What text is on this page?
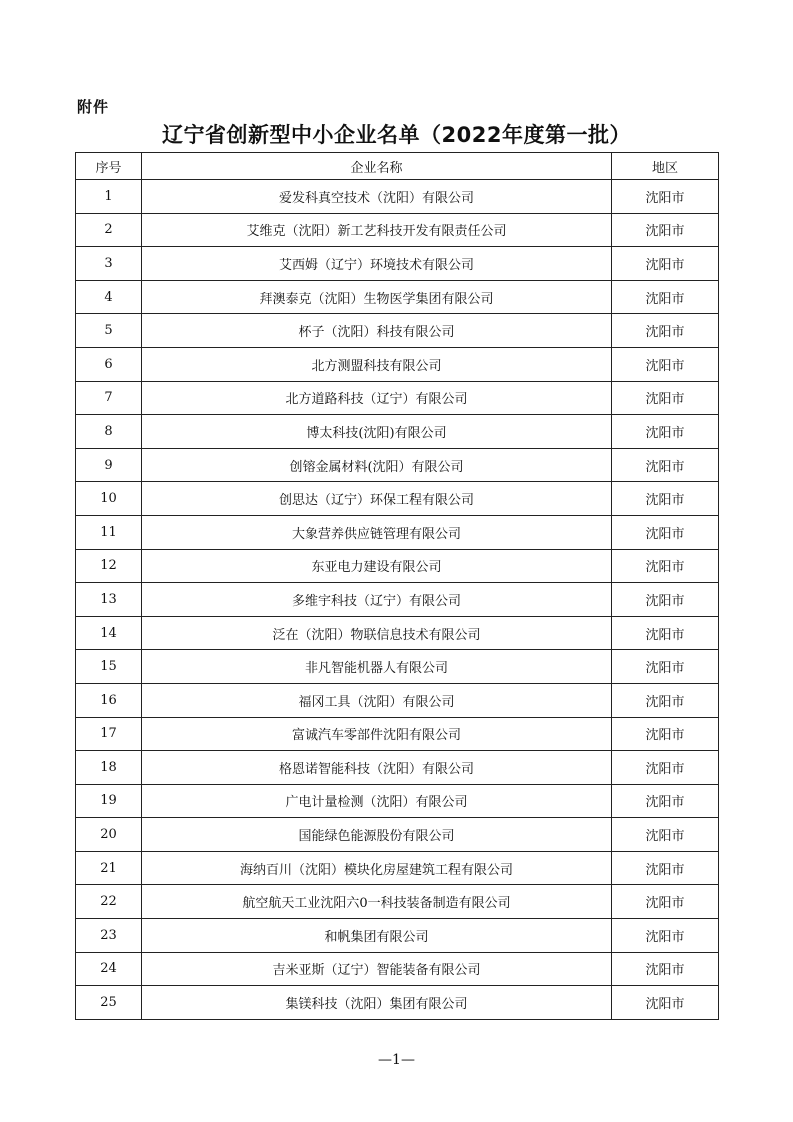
附件
辽宁省创新型中小企业名单（2022年度第一批）
序号	企业名称	地区
1	爱发科真空技术（沈阳）有限公司	沈阳市
2	艾维克（沈阳）新工艺科技开发有限责任公司	沈阳市
3	艾西姆（辽宁）环境技术有限公司	沈阳市
4	拜澳泰克（沈阳）生物医学集团有限公司	沈阳市
5	杯子（沈阳）科技有限公司	沈阳市
6	北方测盟科技有限公司	沈阳市
7	北方道路科技（辽宁）有限公司	沈阳市
8	博太科技(沈阳)有限公司	沈阳市
9	创镕金属材料(沈阳）有限公司	沈阳市
10	创思达（辽宁）环保工程有限公司	沈阳市
11	大象营养供应链管理有限公司	沈阳市
12	东亚电力建设有限公司	沈阳市
13	多维宇科技（辽宁）有限公司	沈阳市
14	泛在（沈阳）物联信息技术有限公司	沈阳市
15	非凡智能机器人有限公司	沈阳市
16	福冈工具（沈阳）有限公司	沈阳市
17	富诚汽车零部件沈阳有限公司	沈阳市
18	格恩诺智能科技（沈阳）有限公司	沈阳市
19	广电计量检测（沈阳）有限公司	沈阳市
20	国能绿色能源股份有限公司	沈阳市
21	海纳百川（沈阳）模块化房屋建筑工程有限公司	沈阳市
22	航空航天工业沈阳六0一科技装备制造有限公司	沈阳市
23	和帆集团有限公司	沈阳市
24	吉米亚斯（辽宁）智能装备有限公司	沈阳市
25	集镁科技（沈阳）集团有限公司	沈阳市
—1—
